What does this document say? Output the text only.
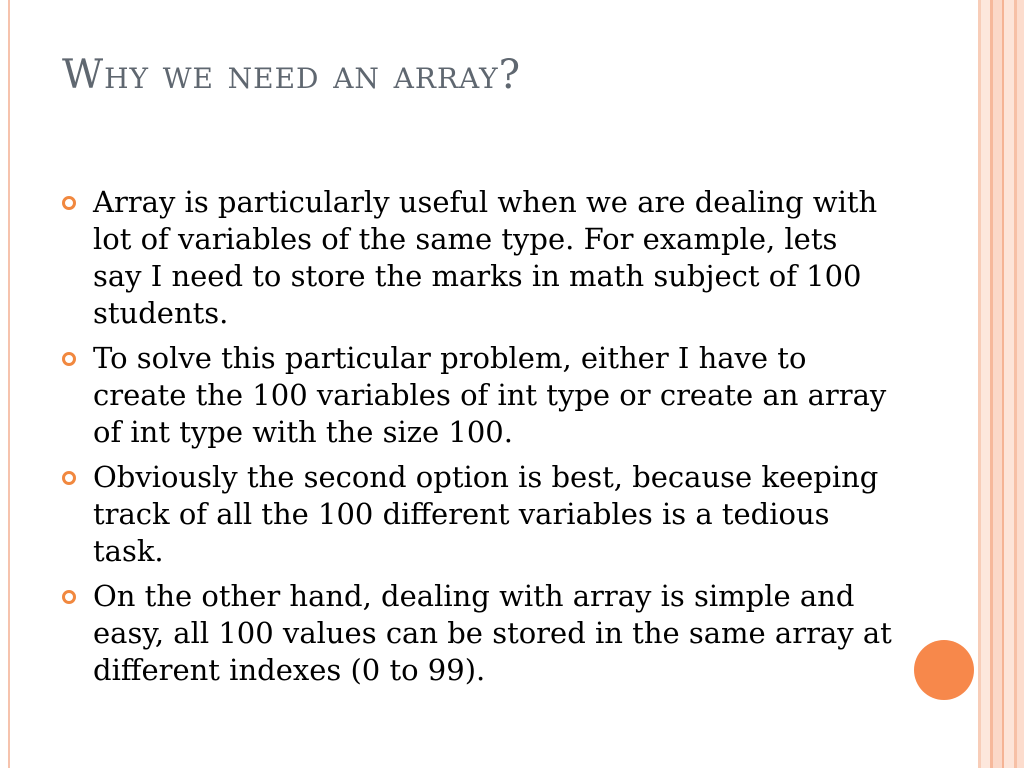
Why we need an array?
Array is particularly useful when we are dealing with lot of variables of the same type. For example, lets say I need to store the marks in math subject of 100 students.
To solve this particular problem, either I have to create the 100 variables of int type or create an array of int type with the size 100.
Obviously the second option is best, because keeping track of all the 100 different variables is a tedious task.
On the other hand, dealing with array is simple and easy, all 100 values can be stored in the same array at different indexes (0 to 99).
